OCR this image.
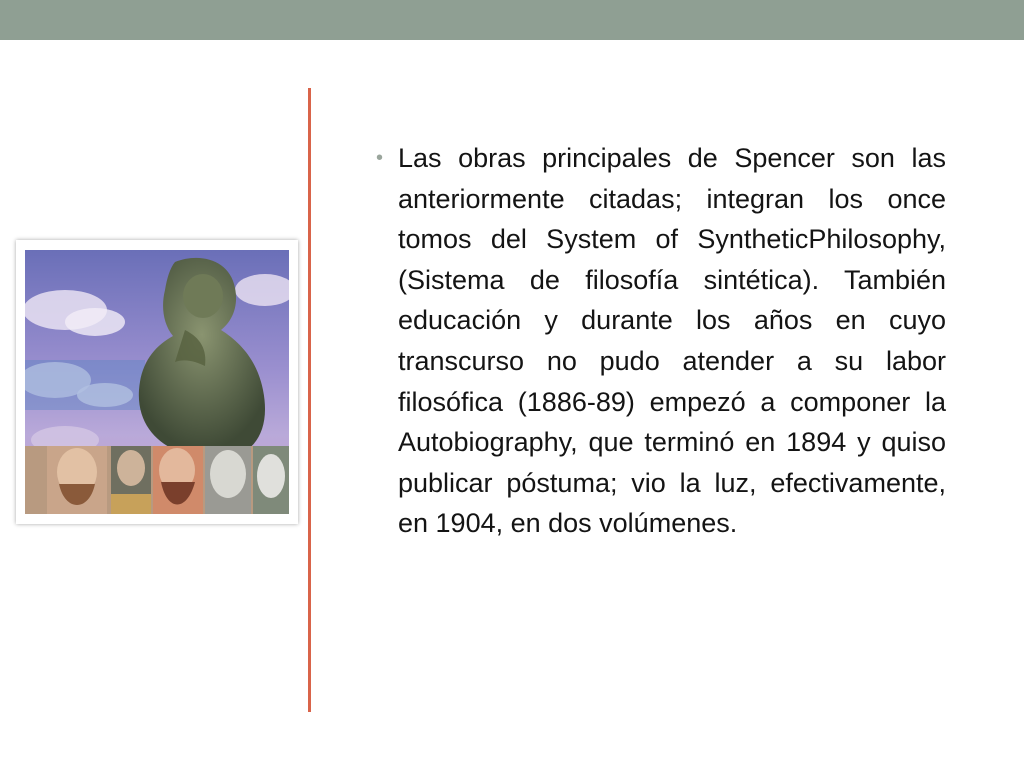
• Las obras principales de Spencer son las anteriormente citadas; integran los once tomos del System of SyntheticPhilosophy, (Sistema de filosofía sintética). También educación y durante los años en cuyo transcurso no pudo atender a su labor filosófica (1886-89) empezó a componer la Autobiography, que terminó en 1894 y quiso publicar póstuma; vio la luz, efectivamente, en 1904, en dos volúmenes.
